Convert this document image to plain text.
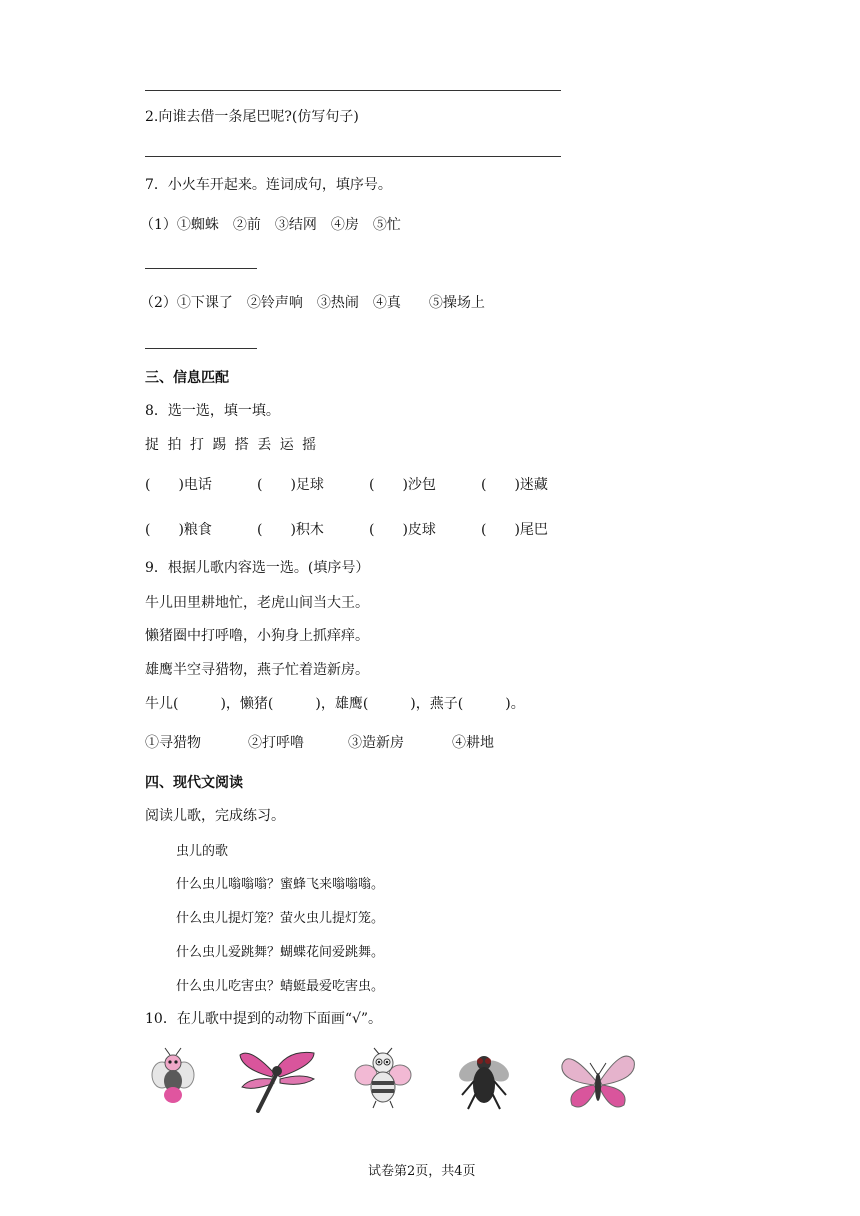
2.向谁去借一条尾巴呢?(仿写句子)
7．小火车开起来。连词成句，填序号。
（1）①蜘蛛　②前　③结网　④房　⑤忙
（2）①下课了　②铃声响　③热闹　④真　　⑤操场上
三、信息匹配
8．选一选，填一填。
捉 拍 打 踢 搭 丢 运 摇
(　　)电话	(　　)足球	(　　)沙包	(　　)迷藏
(　　)粮食	(　　)积木	(　　)皮球	(　　)尾巴
9．根据儿歌内容选一选。(填序号）
牛儿田里耕地忙，老虎山间当大王。
懒猪圈中打呼噜，小狗身上抓痒痒。
雄鹰半空寻猎物，燕子忙着造新房。
牛儿(　　　)，懒猪(　　　)，雄鹰(　　　)，燕子(　　　)。
①寻猎物	②打呼噜	③造新房	④耕地
四、现代文阅读
阅读儿歌，完成练习。
虫儿的歌
什么虫儿嗡嗡嗡？蜜蜂飞来嗡嗡嗡。
什么虫儿提灯笼？萤火虫儿提灯笼。
什么虫儿爱跳舞？蝴蝶花间爱跳舞。
什么虫儿吃害虫？蜻蜓最爱吃害虫。
10．在儿歌中提到的动物下面画“√”。
试卷第2页，共4页
